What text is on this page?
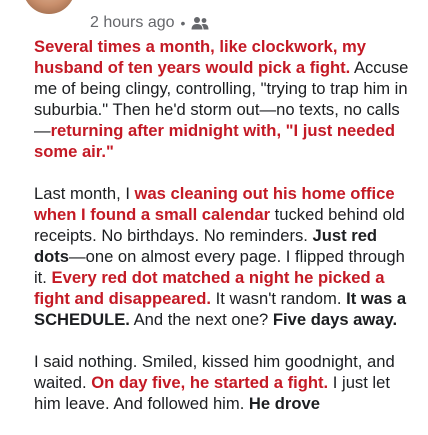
2 hours ago •

Several times a month, like clockwork, my husband of ten years would pick a fight. Accuse me of being clingy, controlling, "trying to trap him in suburbia." Then he'd storm out—no texts, no calls—returning after midnight with, "I just needed some air."

Last month, I was cleaning out his home office when I found a small calendar tucked behind old receipts. No birthdays. No reminders. Just red dots—one on almost every page. I flipped through it. Every red dot matched a night he picked a fight and disappeared. It wasn't random. It was a SCHEDULE. And the next one? Five days away.

I said nothing. Smiled, kissed him goodnight, and waited. On day five, he started a fight. I just let him leave. And followed him. He drove
